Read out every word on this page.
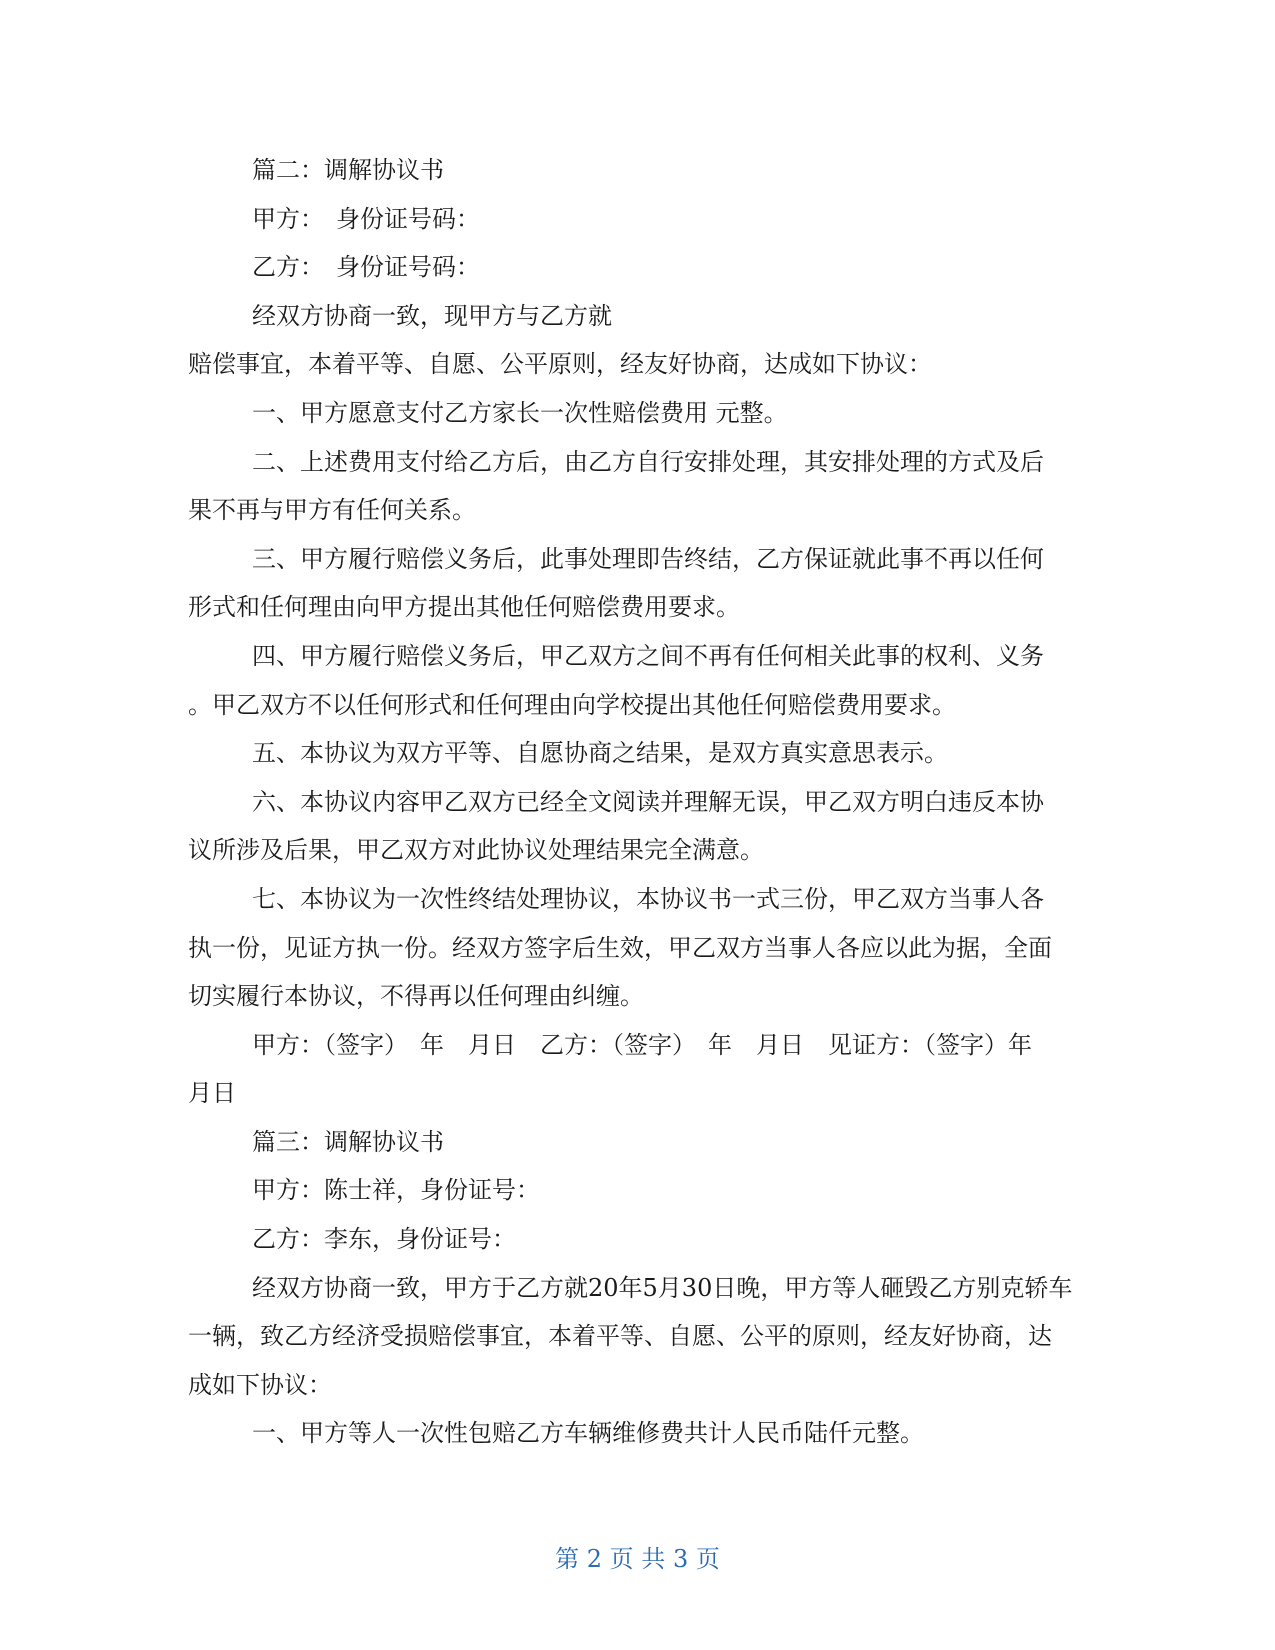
篇二：调解协议书
甲方：　身份证号码：
乙方：　身份证号码：
经双方协商一致，现甲方与乙方就
赔偿事宜，本着平等、自愿、公平原则，经友好协商，达成如下协议：
一、甲方愿意支付乙方家长一次性赔偿费用 元整。
二、上述费用支付给乙方后，由乙方自行安排处理，其安排处理的方式及后
果不再与甲方有任何关系。
三、甲方履行赔偿义务后，此事处理即告终结，乙方保证就此事不再以任何
形式和任何理由向甲方提出其他任何赔偿费用要求。
四、甲方履行赔偿义务后，甲乙双方之间不再有任何相关此事的权利、义务
。甲乙双方不以任何形式和任何理由向学校提出其他任何赔偿费用要求。
五、本协议为双方平等、自愿协商之结果，是双方真实意思表示。
六、本协议内容甲乙双方已经全文阅读并理解无误，甲乙双方明白违反本协
议所涉及后果，甲乙双方对此协议处理结果完全满意。
七、本协议为一次性终结处理协议，本协议书一式三份，甲乙双方当事人各
执一份，见证方执一份。经双方签字后生效，甲乙双方当事人各应以此为据，全面
切实履行本协议，不得再以任何理由纠缠。
甲方：（签字）　年　月日　乙方：（签字）　年　月日　见证方：（签字）年
月日
篇三：调解协议书
甲方：陈士祥，身份证号：
乙方：李东，身份证号：
经双方协商一致，甲方于乙方就20年5月30日晚，甲方等人砸毁乙方别克轿车
一辆，致乙方经济受损赔偿事宜，本着平等、自愿、公平的原则，经友好协商，达
成如下协议：
一、甲方等人一次性包赔乙方车辆维修费共计人民币陆仟元整。
第 2 页 共 3 页
